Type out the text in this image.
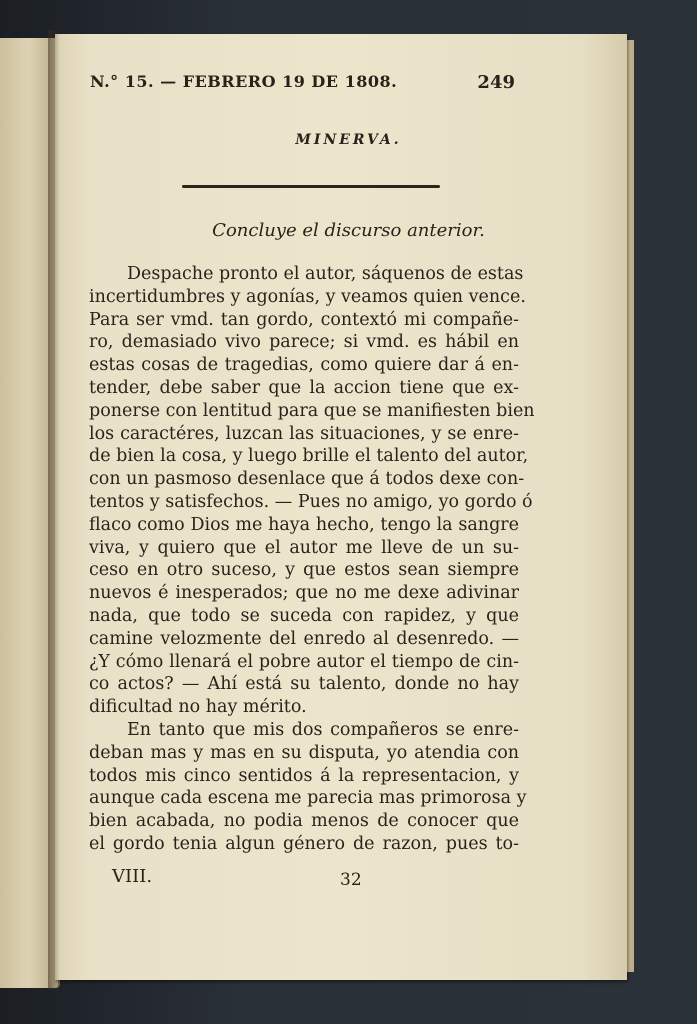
N.° 15. — FEBRERO 19 DE 1808.	249
MINERVA.
Concluye el discurso anterior.
Despache pronto el autor, sáquenos de estas
incertidumbres y agonías, y veamos quien vence.
Para ser vmd. tan gordo, contextó mi compañe-
ro, demasiado vivo parece; si vmd. es hábil en
estas cosas de tragedias, como quiere dar á en-
tender, debe saber que la accion tiene que ex-
ponerse con lentitud para que se manifiesten bien
los caractéres, luzcan las situaciones, y se enre-
de bien la cosa, y luego brille el talento del autor,
con un pasmoso desenlace que á todos dexe con-
tentos y satisfechos. — Pues no amigo, yo gordo ó
flaco como Dios me haya hecho, tengo la sangre
viva, y quiero que el autor me lleve de un su-
ceso en otro suceso, y que estos sean siempre
nuevos é inesperados; que no me dexe adivinar
nada, que todo se suceda con rapidez, y que
camine velozmente del enredo al desenredo. —
¿Y cómo llenará el pobre autor el tiempo de cin-
co actos? — Ahí está su talento, donde no hay
dificultad no hay mérito.
En tanto que mis dos compañeros se enre-
deban mas y mas en su disputa, yo atendia con
todos mis cinco sentidos á la representacion, y
aunque cada escena me parecia mas primorosa y
bien acabada, no podia menos de conocer que
el gordo tenia algun género de razon, pues to-
VIII.	32
